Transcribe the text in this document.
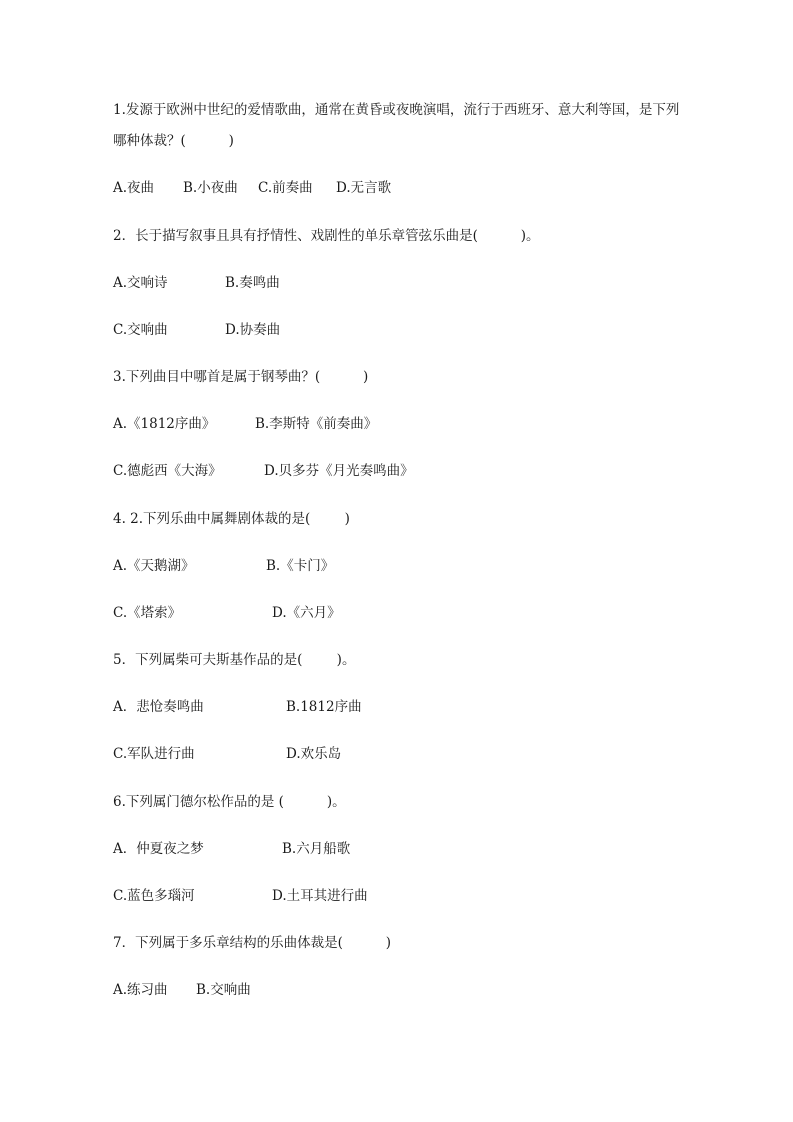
1.发源于欧洲中世纪的爱情歌曲，通常在黄昏或夜晚演唱，流行于西班牙、意大利等国，是下列
哪种体裁？(          )
A.夜曲 B.小夜曲 C.前奏曲 D.无言歌
2．长于描写叙事且具有抒情性、戏剧性的单乐章管弦乐曲是(          )。
A.交响诗	B.奏鸣曲
C.交响曲	D.协奏曲
3.下列曲目中哪首是属于钢琴曲？(          )
A.《1812序曲》	B.李斯特《前奏曲》
C.德彪西《大海》	D.贝多芬《月光奏鸣曲》
4. 2.下列乐曲中属舞剧体裁的是(        )
A.《天鹅湖》	B.《卡门》
C.《塔索》	D.《六月》
5．下列属柴可夫斯基作品的是(        )。
A．悲怆奏鸣曲	B.1812序曲
C.军队进行曲	D.欢乐岛
6.下列属门德尔松作品的是 (          )。
A．仲夏夜之梦	B.六月船歌
C.蓝色多瑙河	D.土耳其进行曲
7．下列属于多乐章结构的乐曲体裁是(          )
A.练习曲 B.交响曲
